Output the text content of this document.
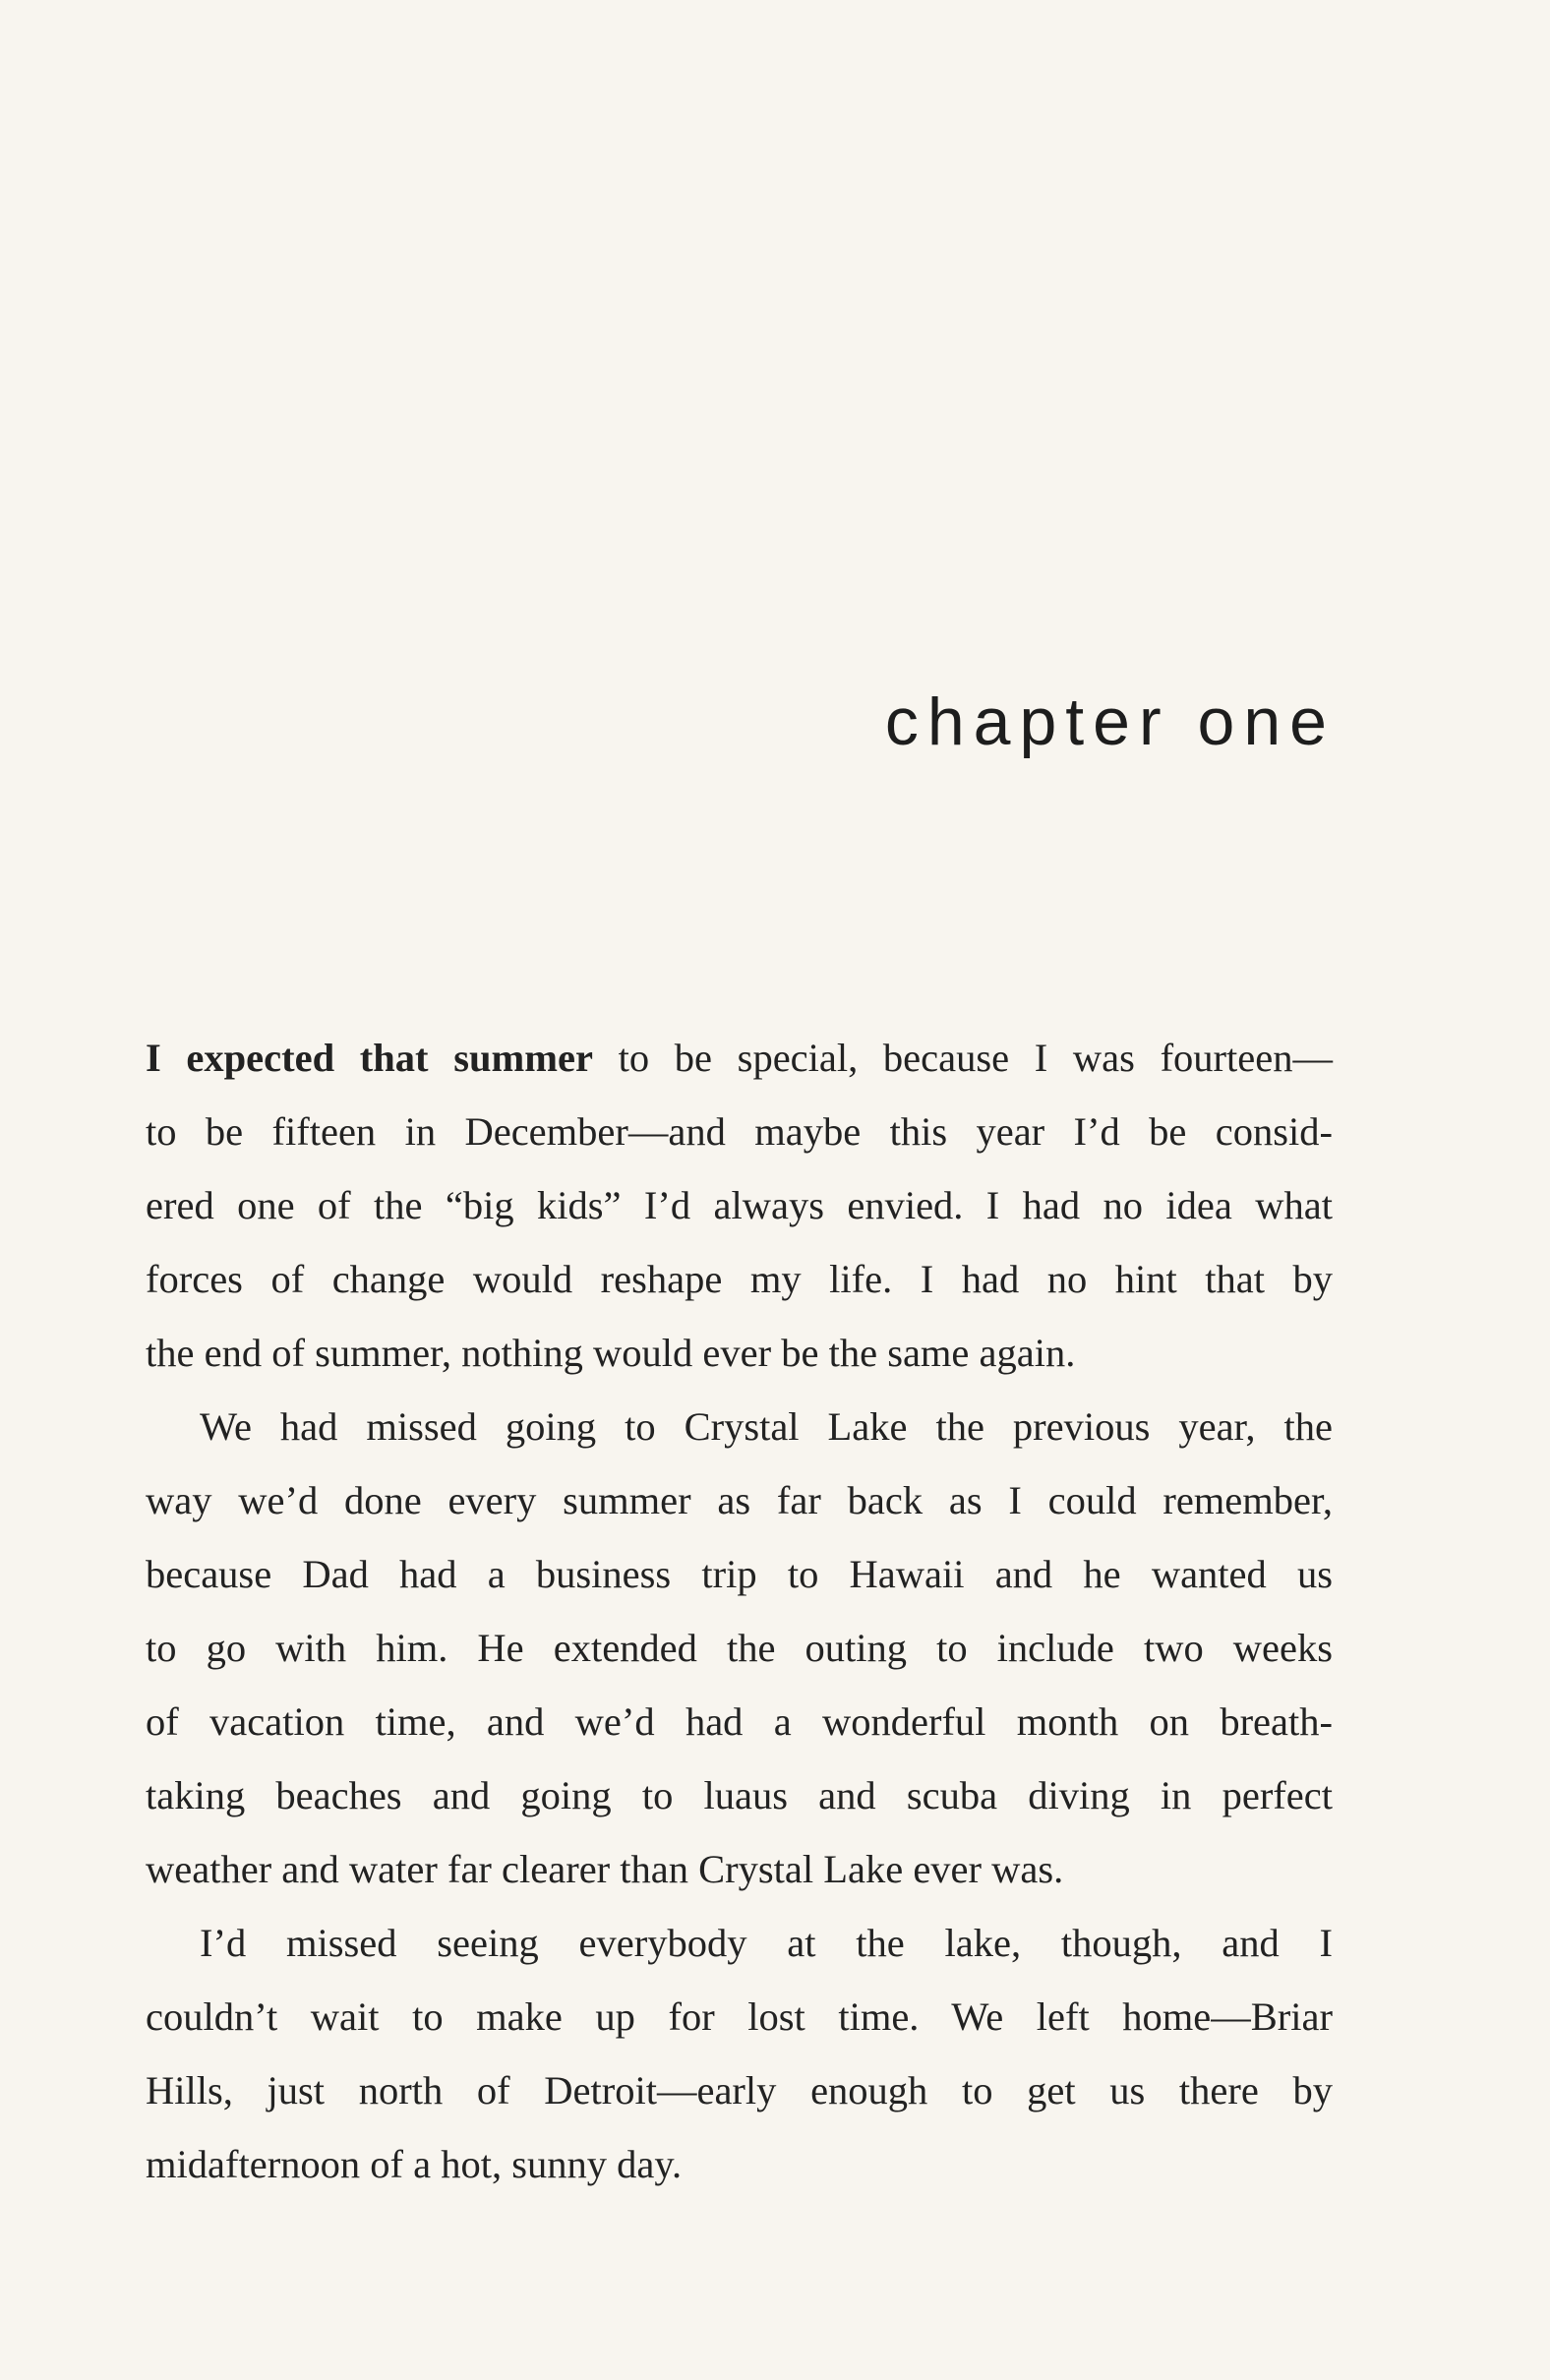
chapter one

I expected that summer to be special, because I was fourteen—
to be fifteen in December—and maybe this year I’d be consid-
ered one of the “big kids” I’d always envied. I had no idea what
forces of change would reshape my life. I had no hint that by
the end of summer, nothing would ever be the same again.

We had missed going to Crystal Lake the previous year, the
way we’d done every summer as far back as I could remember,
because Dad had a business trip to Hawaii and he wanted us
to go with him. He extended the outing to include two weeks
of vacation time, and we’d had a wonderful month on breath-
taking beaches and going to luaus and scuba diving in perfect
weather and water far clearer than Crystal Lake ever was.

I’d missed seeing everybody at the lake, though, and I
couldn’t wait to make up for lost time. We left home—Briar
Hills, just north of Detroit—early enough to get us there by
midafternoon of a hot, sunny day.
